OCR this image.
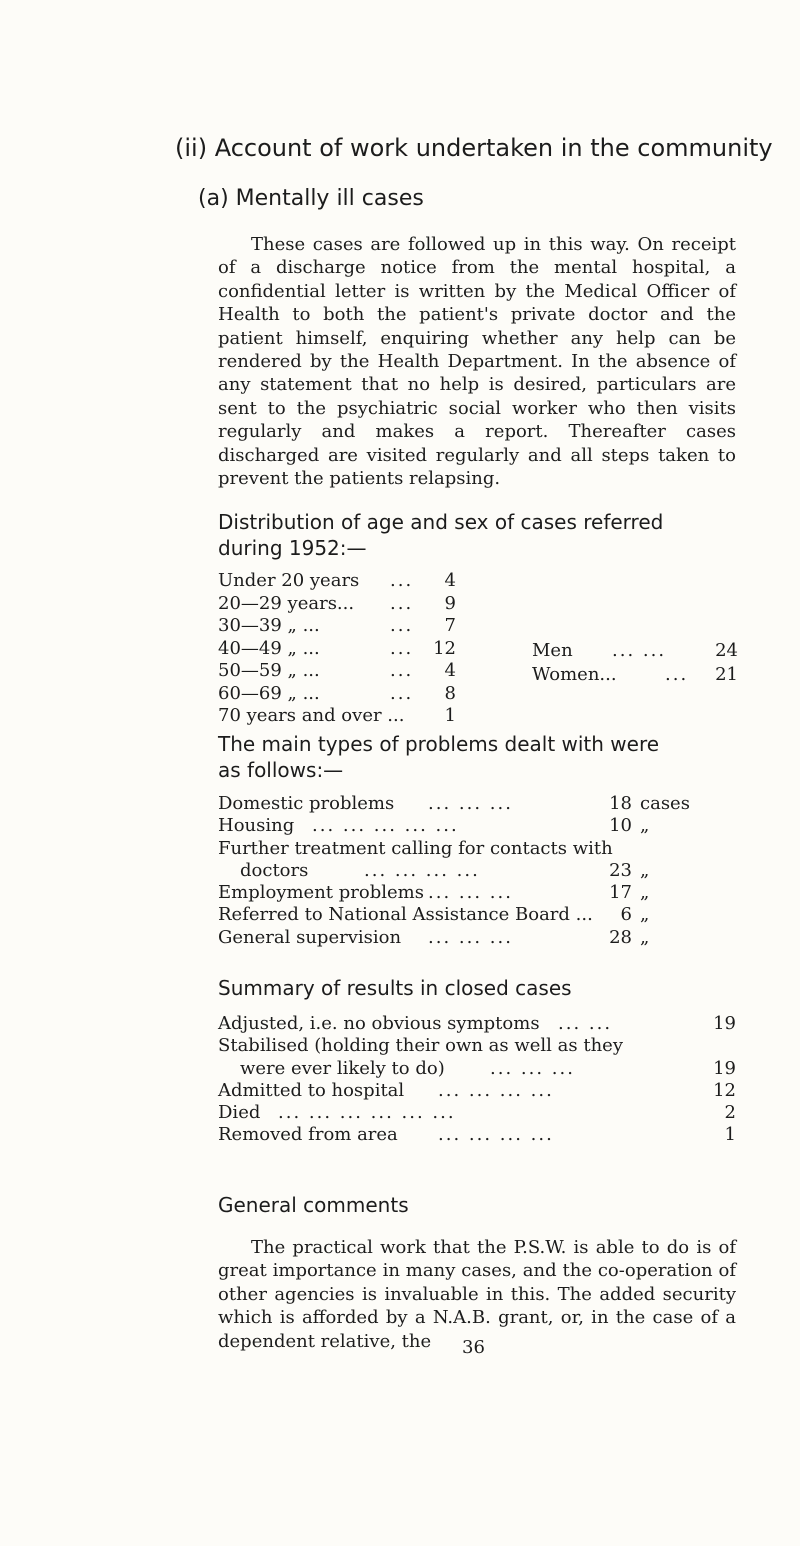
(ii) Account of work undertaken in the community
(a) Mentally ill cases

These cases are followed up in this way. On receipt of a discharge notice from the mental hospital, a confidential letter is written by the Medical Officer of Health to both the patient's private doctor and the patient himself, enquiring whether any help can be rendered by the Health Department. In the absence of any statement that no help is desired, particulars are sent to the psychiatric social worker who then visits regularly and makes a report. Thereafter cases discharged are visited regularly and all steps taken to prevent the patients relapsing.

Distribution of age and sex of cases referred
during 1952:—
Under 20 years ...	4
20—29 years... ...	9
30—39 „ ...	...	7
40—49 „ ...	... 12
50—59 „ ...	...	4
60—69 „ ...	...	8
70 years and over ...	1
Men ... ...	24
Women...	...	21
The main types of problems dealt with were
as follows:—
Domestic problems ... ... ...	18 cases
Housing ... ... ... ... ...	10 „
Further treatment calling for contacts with
doctors	... ... ... ...	23 „
Employment problems ... ... ...	17 „
Referred to National Assistance Board ...	6 „
General supervision ... ... ...	28 „
Summary of results in closed cases
Adjusted, i.e. no obvious symptoms ... ...	19
Stabilised (holding their own as well as they
were ever likely to do)	... ... ...	19
Admitted to hospital ... ... ... ...	12
Died ... ... ... ... ... ...	2
Removed from area ... ... ... ...	1
General comments

The practical work that the P.S.W. is able to do is of great importance in many cases, and the co-operation of other agencies is invaluable in this. The added security which is afforded by a N.A.B. grant, or, in the case of a dependent relative, the	36
